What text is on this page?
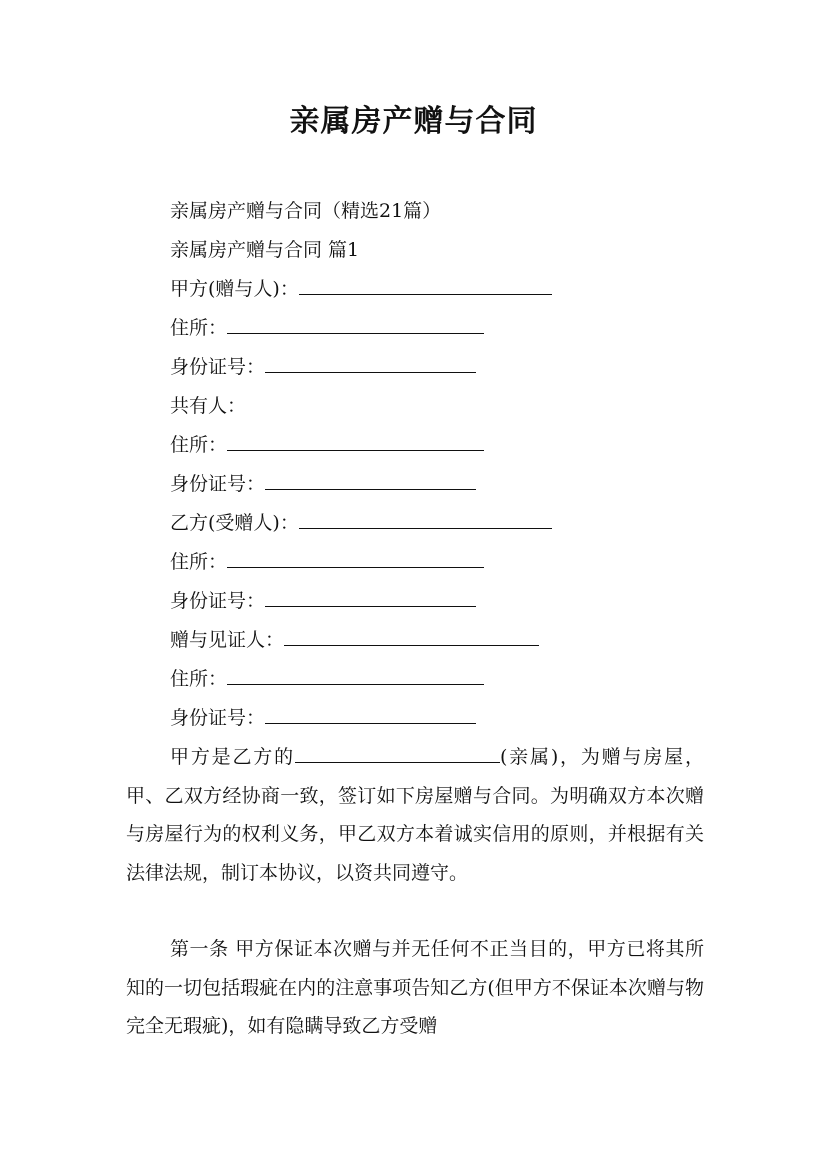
亲属房产赠与合同
亲属房产赠与合同（精选21篇）
亲属房产赠与合同 篇1
甲方(赠与人)：
住所：
身份证号：
共有人：
住所：
身份证号：
乙方(受赠人)：
住所：
身份证号：
赠与见证人：
住所：
身份证号：
甲方是乙方的	(亲属)，为赠与房屋，甲、乙双方经协商一致，签订如下房屋赠与合同。为明确双方本次赠与房屋行为的权利义务，甲乙双方本着诚实信用的原则，并根据有关法律法规，制订本协议，以资共同遵守。
第一条 甲方保证本次赠与并无任何不正当目的，甲方已将其所知的一切包括瑕疵在内的注意事项告知乙方(但甲方不保证本次赠与物完全无瑕疵)，如有隐瞒导致乙方受赠
